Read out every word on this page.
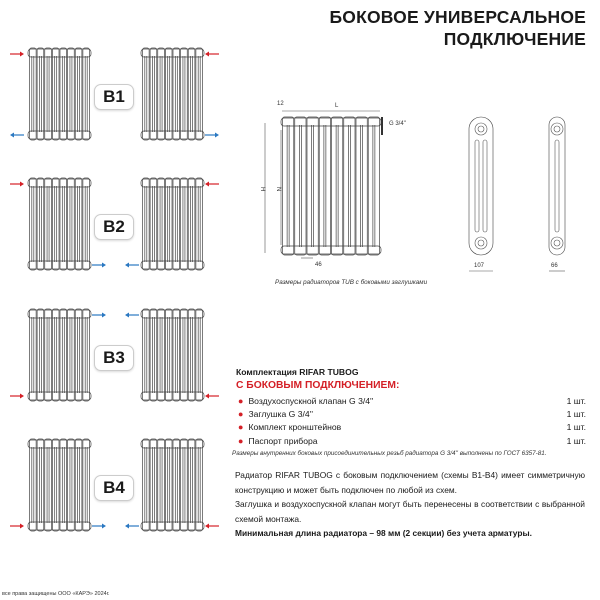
БОКОВОЕ УНИВЕРСАЛЬНОЕ
ПОДКЛЮЧЕНИЕ
B1
B2
B3
B4
L
12
G 3/4''
H N
46	107	66
Размеры радиаторов TUB с боковыми заглушками
Комплектация RIFAR TUBOG
С БОКОВЫМ ПОДКЛЮЧЕНИЕМ:
● Воздухоспускной клапан G 3/4''	1 шт.
● Заглушка G 3/4''	1 шт.
● Комплект кронштейнов	1 шт.
● Паспорт прибора	1 шт.
Размеры внутренних боковых присоединительных резьб радиатора G 3/4'' выполнены по ГОСТ 6357-81.
Радиатор RIFAR TUBOG с боковым подключением (схемы B1-B4) имеет симметричную конструкцию и может быть подключен по любой из схем.
Заглушка и воздухоспускной клапан могут быть перенесены в соответствии с выбранной схемой монтажа.
Минимальная длина радиатора – 98 мм (2 секции) без учета арматуры.
все права защищены ООО «КАРЭ» 2024г.
